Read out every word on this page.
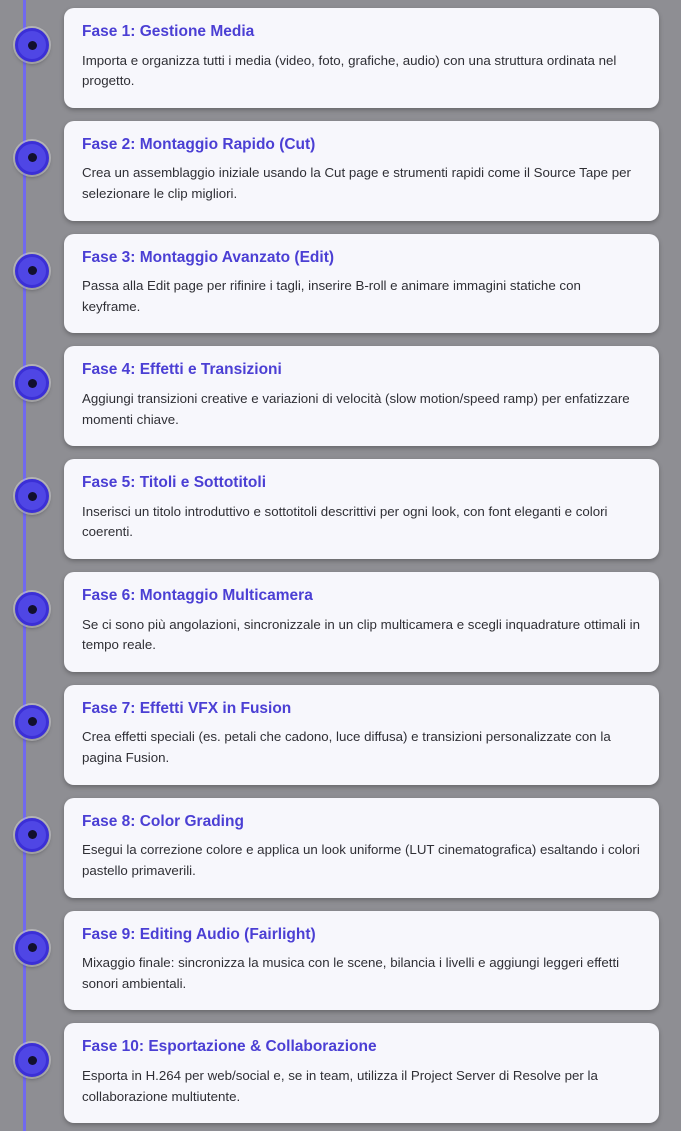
Fase 1: Gestione Media

Importa e organizza tutti i media (video, foto, grafiche, audio) con una struttura ordinata nel progetto.

Fase 2: Montaggio Rapido (Cut)

Crea un assemblaggio iniziale usando la Cut page e strumenti rapidi come il Source Tape per selezionare le clip migliori.

Fase 3: Montaggio Avanzato (Edit)

Passa alla Edit page per rifinire i tagli, inserire B-roll e animare immagini statiche con keyframe.

Fase 4: Effetti e Transizioni

Aggiungi transizioni creative e variazioni di velocità (slow motion/speed ramp) per enfatizzare momenti chiave.

Fase 5: Titoli e Sottotitoli

Inserisci un titolo introduttivo e sottotitoli descrittivi per ogni look, con font eleganti e colori coerenti.

Fase 6: Montaggio Multicamera

Se ci sono più angolazioni, sincronizzale in un clip multicamera e scegli inquadrature ottimali in tempo reale.

Fase 7: Effetti VFX in Fusion

Crea effetti speciali (es. petali che cadono, luce diffusa) e transizioni personalizzate con la pagina Fusion.

Fase 8: Color Grading

Esegui la correzione colore e applica un look uniforme (LUT cinematografica) esaltando i colori pastello primaverili.

Fase 9: Editing Audio (Fairlight)

Mixaggio finale: sincronizza la musica con le scene, bilancia i livelli e aggiungi leggeri effetti sonori ambientali.

Fase 10: Esportazione & Collaborazione

Esporta in H.264 per web/social e, se in team, utilizza il Project Server di Resolve per la collaborazione multiutente.
